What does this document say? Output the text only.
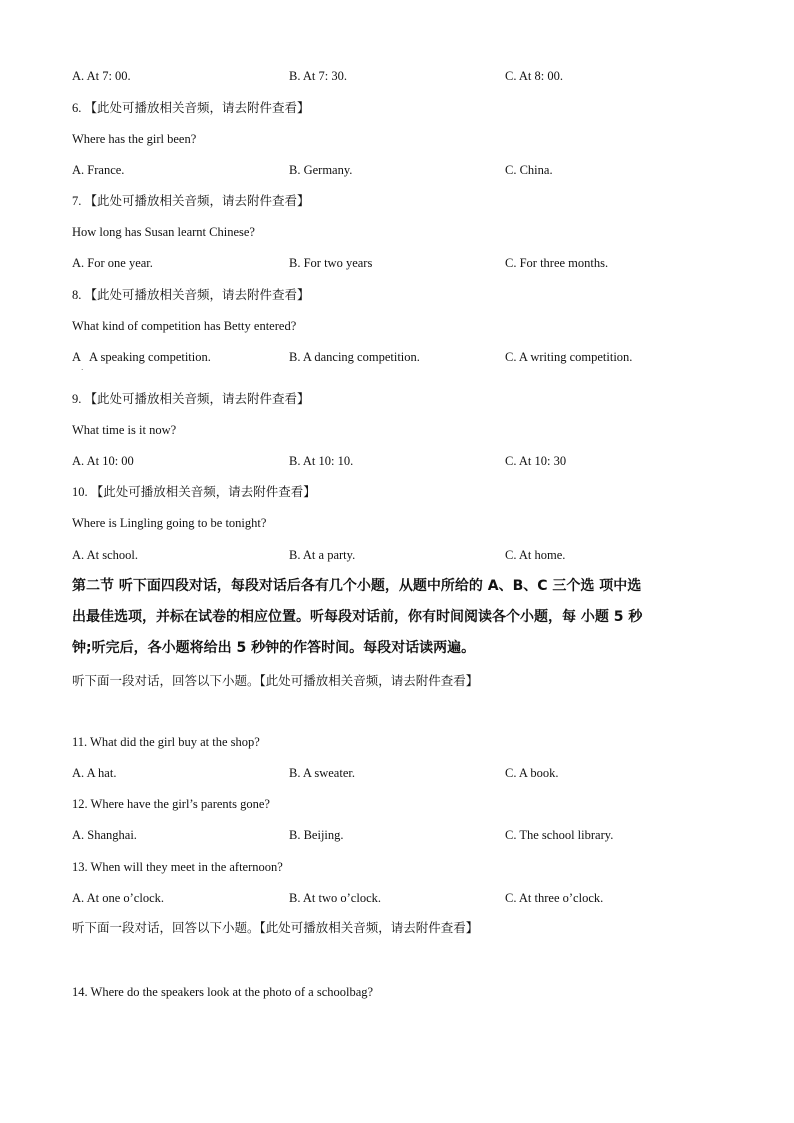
A. At 7: 00.	B. At 7: 30.	C. At 8: 00.
6. 【此处可播放相关音频，请去附件查看】
Where has the girl been?
A. France.	B. Germany.	C. China.
7. 【此处可播放相关音频，请去附件查看】
How long has Susan learnt Chinese?
A. For one year.	B. For two years	C. For three months.
8. 【此处可播放相关音频，请去附件查看】
What kind of competition has Betty entered?
A   A speaking competition.
·
B. A dancing competition.	C. A writing competition.
9. 【此处可播放相关音频，请去附件查看】
What time is it now?
A. At 10: 00	B. At 10: 10.	C. At 10: 30
10. 【此处可播放相关音频，请去附件查看】
Where is Lingling going to be tonight?
A. At school.	B. At a party.	C. At home.
第二节 听下面四段对话，每段对话后各有几个小题，从题中所给的 A、B、C 三个选 项中选
出最佳选项，并标在试卷的相应位置。听每段对话前，你有时间阅读各个小题，每 小题 5 秒
钟;听完后，各小题将给出 5 秒钟的作答时间。每段对话读两遍。
听下面一段对话，回答以下小题。【此处可播放相关音频，请去附件查看】
11. What did the girl buy at the shop?
A. A hat.	B. A sweater.	C. A book.
12. Where have the girl’s parents gone?
A. Shanghai.	B. Beijing.	C. The school library.
13. When will they meet in the afternoon?
A. At one o’clock.	B. At two o’clock.	C. At three o’clock.
听下面一段对话，回答以下小题。【此处可播放相关音频，请去附件查看】
14. Where do the speakers look at the photo of a schoolbag?
